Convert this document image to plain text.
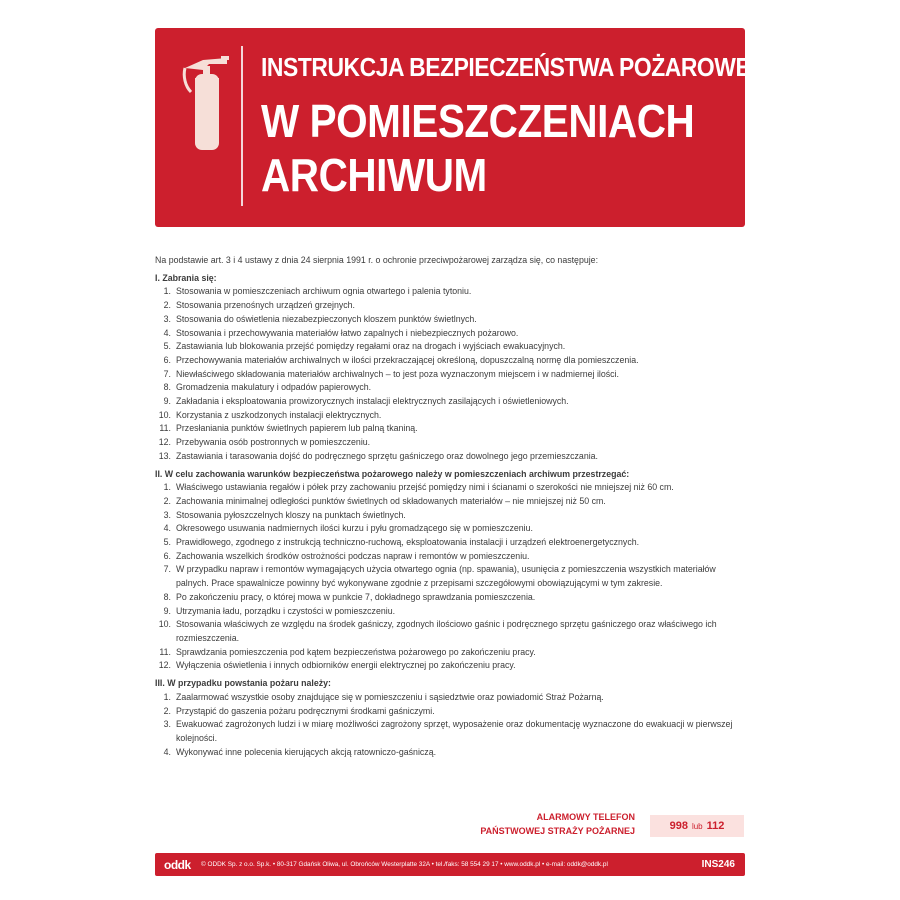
INSTRUKCJA BEZPIECZEŃSTWA POŻAROWEGO
W POMIESZCZENIACH
ARCHIWUM

Na podstawie art. 3 i 4 ustawy z dnia 24 sierpnia 1991 r. o ochronie przeciwpożarowej zarządza się, co następuje:

I. Zabrania się:

1. Stosowania w pomieszczeniach archiwum ognia otwartego i palenia tytoniu.
2. Stosowania przenośnych urządzeń grzejnych.
3. Stosowania do oświetlenia niezabezpieczonych kloszem punktów świetlnych.
4. Stosowania i przechowywania materiałów łatwo zapalnych i niebezpiecznych pożarowo.
5. Zastawiania lub blokowania przejść pomiędzy regałami oraz na drogach i wyjściach ewakuacyjnych.
6. Przechowywania materiałów archiwalnych w ilości przekraczającej określoną, dopuszczalną normę dla pomieszczenia.
7. Niewłaściwego składowania materiałów archiwalnych – to jest poza wyznaczonym miejscem i w nadmiernej ilości.
8. Gromadzenia makulatury i odpadów papierowych.
9. Zakładania i eksploatowania prowizorycznych instalacji elektrycznych zasilających i oświetleniowych.
10. Korzystania z uszkodzonych instalacji elektrycznych.
11. Przesłaniania punktów świetlnych papierem lub palną tkaniną.
12. Przebywania osób postronnych w pomieszczeniu.
13. Zastawiania i tarasowania dojść do podręcznego sprzętu gaśniczego oraz dowolnego jego przemieszczania.

II. W celu zachowania warunków bezpieczeństwa pożarowego należy w pomieszczeniach archiwum przestrzegać:

1. Właściwego ustawiania regałów i półek przy zachowaniu przejść pomiędzy nimi i ścianami o szerokości nie mniejszej niż 60 cm.
2. Zachowania minimalnej odległości punktów świetlnych od składowanych materiałów – nie mniejszej niż 50 cm.
3. Stosowania pyłoszczelnych kloszy na punktach świetlnych.
4. Okresowego usuwania nadmiernych ilości kurzu i pyłu gromadzącego się w pomieszczeniu.
5. Prawidłowego, zgodnego z instrukcją techniczno-ruchową, eksploatowania instalacji i urządzeń elektroenergetycznych.
6. Zachowania wszelkich środków ostrożności podczas napraw i remontów w pomieszczeniu.
7. W przypadku napraw i remontów wymagających użycia otwartego ognia (np. spawania), usunięcia z pomieszczenia wszystkich materiałów palnych. Prace spawalnicze powinny być wykonywane zgodnie z przepisami szczegółowymi obowiązującymi w tym zakresie.
8. Po zakończeniu pracy, o której mowa w punkcie 7, dokładnego sprawdzania pomieszczenia.
9. Utrzymania ładu, porządku i czystości w pomieszczeniu.
10. Stosowania właściwych ze względu na środek gaśniczy, zgodnych ilościowo gaśnic i podręcznego sprzętu gaśniczego oraz właściwego ich rozmieszczenia.
11. Sprawdzania pomieszczenia pod kątem bezpieczeństwa pożarowego po zakończeniu pracy.
12. Wyłączenia oświetlenia i innych odbiorników energii elektrycznej po zakończeniu pracy.

III. W przypadku powstania pożaru należy:

1. Zaalarmować wszystkie osoby znajdujące się w pomieszczeniu i sąsiedztwie oraz powiadomić Straż Pożarną.
2. Przystąpić do gaszenia pożaru podręcznymi środkami gaśniczymi.
3. Ewakuować zagrożonych ludzi i w miarę możliwości zagrożony sprzęt, wyposażenie oraz dokumentację wyznaczone do ewakuacji w pierwszej kolejności.
4. Wykonywać inne polecenia kierujących akcją ratowniczo-gaśniczą.
ALARMOWY TELEFON
PAŃSTWOWEJ STRAŻY POŻARNEJ	998 lub 112
oddk © ODDK Sp. z o.o. Sp.k. • 80-317 Gdańsk Oliwa, ul. Obrońców Westerplatte 32A • tel./faks: 58 554 29 17 • www.oddk.pl • e-mail: oddk@oddk.pl	INS246
